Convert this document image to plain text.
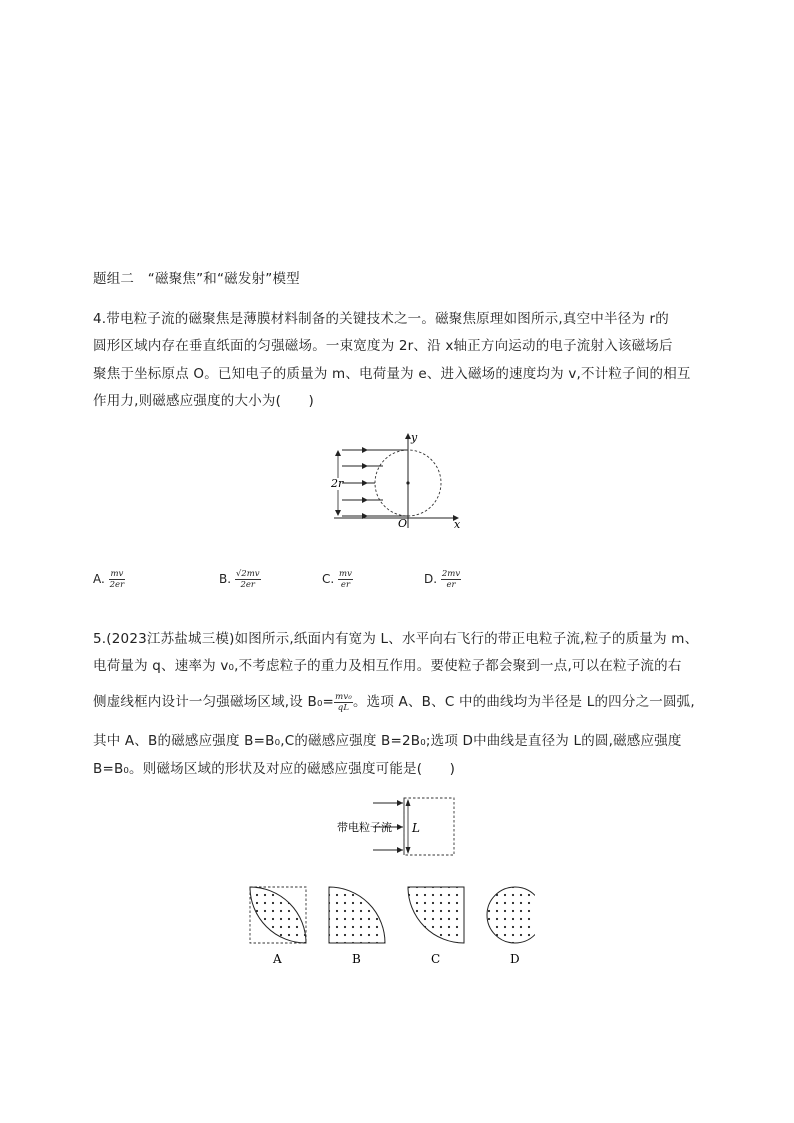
题组二　“磁聚焦”和“磁发射”模型
4.带电粒子流的磁聚焦是薄膜材料制备的关键技术之一。磁聚焦原理如图所示,真空中半径为 r的
圆形区域内存在垂直纸面的匀强磁场。一束宽度为 2r、沿 x轴正方向运动的电子流射入该磁场后
聚焦于坐标原点 O。已知电子的质量为 m、电荷量为 e、进入磁场的速度均为 v,不计粒子间的相互
作用力,则磁感应强度的大小为(　　)
2r
O
y
x
A. $\frac{mv}{2er}$	B. $\frac{√2mv}{2er}$	C. $\frac{mv}{er}$	D. $\frac{2mv}{er}$
5.(2023江苏盐城三模)如图所示,纸面内有宽为 L、水平向右飞行的带正电粒子流,粒子的质量为 m、
电荷量为 q、速率为 v₀,不考虑粒子的重力及相互作用。要使粒子都会聚到一点,可以在粒子流的右
侧虚线框内设计一匀强磁场区域,设 $B_0= \frac{\text{mv₀}}{qL}$ 。选项 A、B、C 中的曲线均为半径是 L的四分之一圆弧,
其中 A、B的磁感应强度 B=B₀,C的磁感应强度 B=2B₀;选项 D中曲线是直径为 L的圆,磁感应强度
B=B₀。则磁场区域的形状及对应的磁感应强度可能是(　　)
带电粒子流 L
A	B	C	D
